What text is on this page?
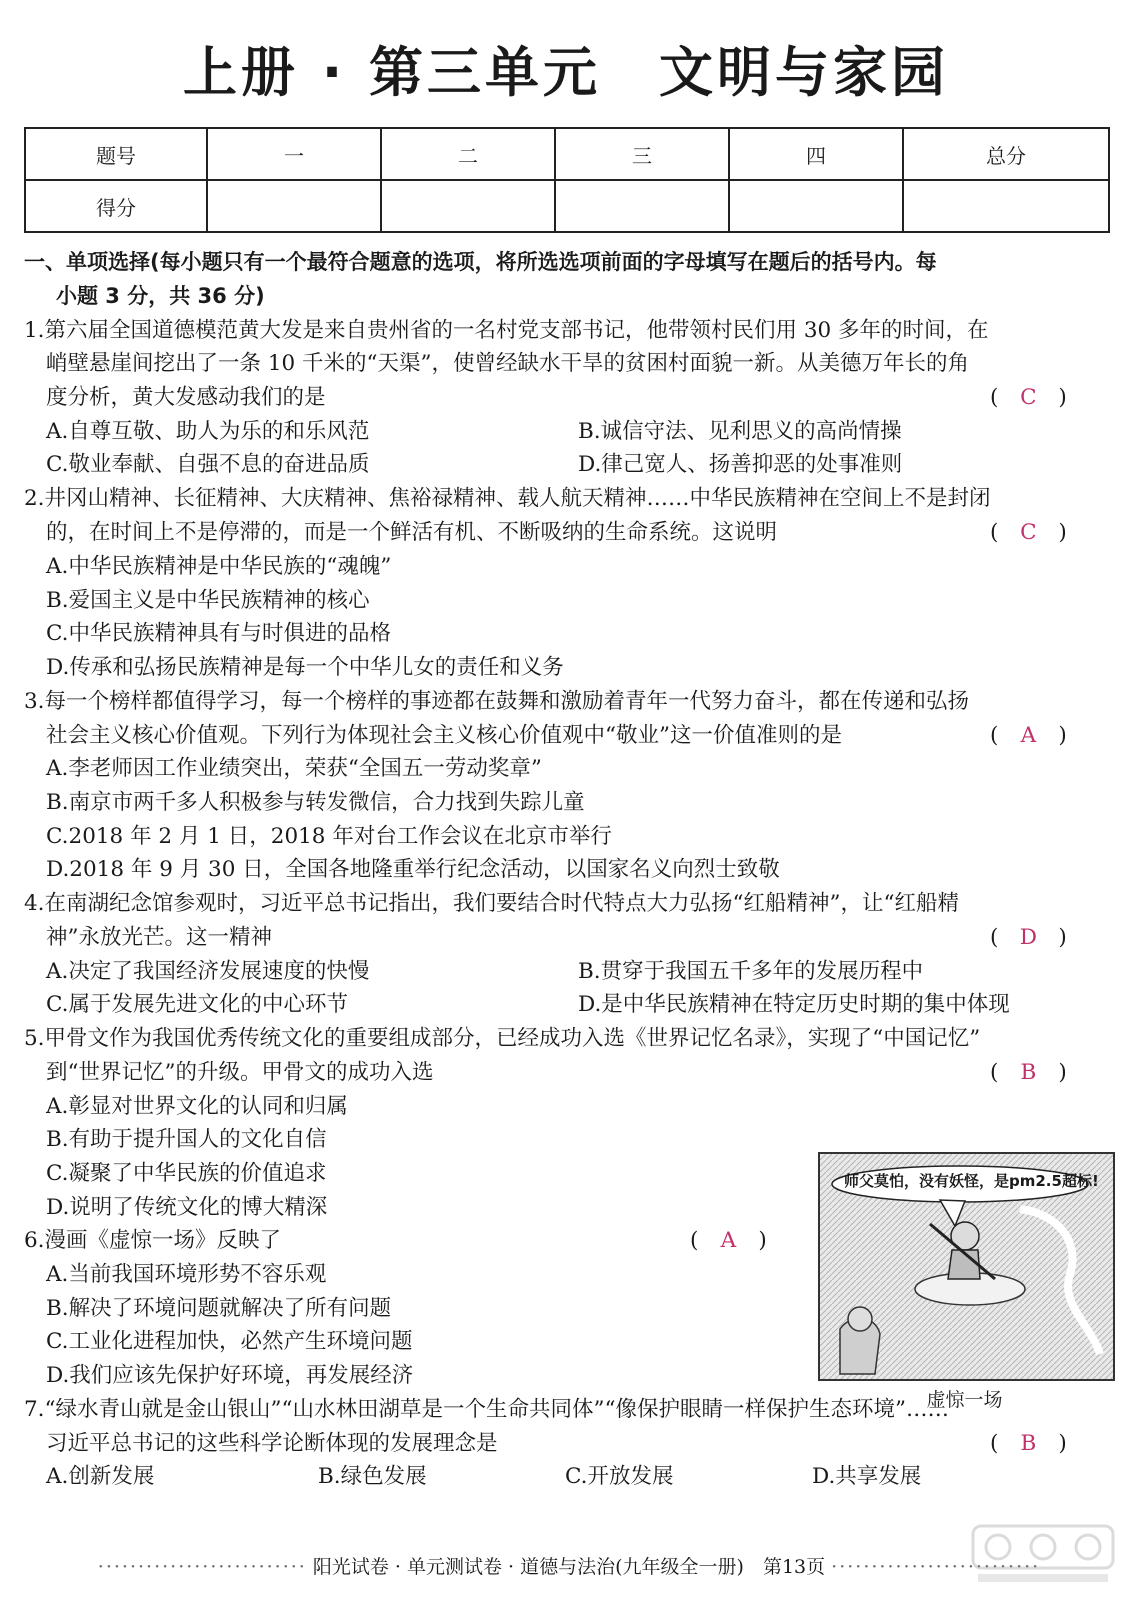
上册 · 第三单元　文明与家园
题号	一	二	三	四	总分
得分					
一、单项选择(每小题只有一个最符合题意的选项，将所选选项前面的字母填写在题后的括号内。每
小题 3 分，共 36 分)
1.第六届全国道德模范黄大发是来自贵州省的一名村党支部书记，他带领村民们用 30 多年的时间，在
峭壁悬崖间挖出了一条 10 千米的“天渠”，使曾经缺水干旱的贫困村面貌一新。从美德万年长的角
度分析，黄大发感动我们的是	( C )
A.自尊互敬、助人为乐的和乐风范	B.诚信守法、见利思义的高尚情操
C.敬业奉献、自强不息的奋进品质	D.律己宽人、扬善抑恶的处事准则
2.井冈山精神、长征精神、大庆精神、焦裕禄精神、载人航天精神……中华民族精神在空间上不是封闭
的，在时间上不是停滞的，而是一个鲜活有机、不断吸纳的生命系统。这说明	( C )
A.中华民族精神是中华民族的“魂魄”
B.爱国主义是中华民族精神的核心
C.中华民族精神具有与时俱进的品格
D.传承和弘扬民族精神是每一个中华儿女的责任和义务
3.每一个榜样都值得学习，每一个榜样的事迹都在鼓舞和激励着青年一代努力奋斗，都在传递和弘扬
社会主义核心价值观。下列行为体现社会主义核心价值观中“敬业”这一价值准则的是	( A )
A.李老师因工作业绩突出，荣获“全国五一劳动奖章”
B.南京市两千多人积极参与转发微信，合力找到失踪儿童
C.2018 年 2 月 1 日，2018 年对台工作会议在北京市举行
D.2018 年 9 月 30 日，全国各地隆重举行纪念活动，以国家名义向烈士致敬
4.在南湖纪念馆参观时，习近平总书记指出，我们要结合时代特点大力弘扬“红船精神”，让“红船精
神”永放光芒。这一精神	( D )
A.决定了我国经济发展速度的快慢	B.贯穿于我国五千多年的发展历程中
C.属于发展先进文化的中心环节	D.是中华民族精神在特定历史时期的集中体现
5.甲骨文作为我国优秀传统文化的重要组成部分，已经成功入选《世界记忆名录》，实现了“中国记忆”
到“世界记忆”的升级。甲骨文的成功入选	( B )
A.彰显对世界文化的认同和归属
B.有助于提升国人的文化自信
C.凝聚了中华民族的价值追求
D.说明了传统文化的博大精深
6.漫画《虚惊一场》反映了	( A )
A.当前我国环境形势不容乐观
B.解决了环境问题就解决了所有问题
C.工业化进程加快，必然产生环境问题
D.我们应该先保护好环境，再发展经济
师父莫怕，没有妖怪，是pm2.5超标!
虚惊一场
7.“绿水青山就是金山银山”“山水林田湖草是一个生命共同体”“像保护眼睛一样保护生态环境”……
习近平总书记的这些科学论断体现的发展理念是	( B )
A.创新发展	B.绿色发展	C.开放发展	D.共享发展
·························· 阳光试卷 · 单元测试卷 · 道德与法治(九年级全一册)　第13页 ··························
